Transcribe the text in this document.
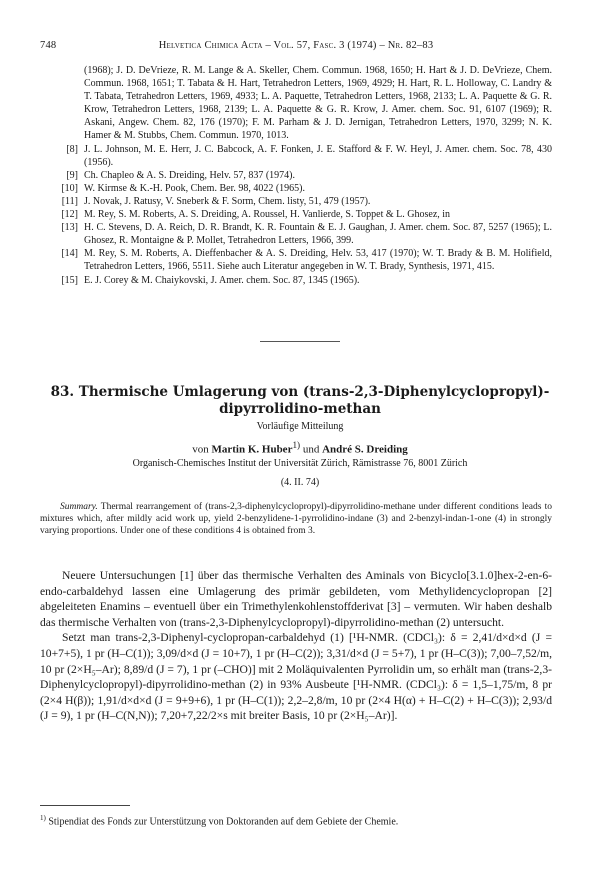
748	Helvetica Chimica Acta – Vol. 57, Fasc. 3 (1974) – Nr. 82–83
(1968); J. D. DeVrieze, R. M. Lange & A. Skeller, Chem. Commun. 1968, 1650; H. Hart & J. D. DeVrieze, Chem. Commun. 1968, 1651; T. Tabata & H. Hart, Tetrahedron Letters, 1969, 4929; H. Hart, R. L. Holloway, C. Landry & T. Tabata, Tetrahedron Letters, 1969, 4933; L. A. Paquette, Tetrahedron Letters, 1968, 2133; L. A. Paquette & G. R. Krow, Tetrahedron Letters, 1968, 2139; L. A. Paquette & G. R. Krow, J. Amer. chem. Soc. 91, 6107 (1969); R. Askani, Angew. Chem. 82, 176 (1970); F. M. Parham & J. D. Jernigan, Tetrahedron Letters, 1970, 3299; N. K. Hamer & M. Stubbs, Chem. Commun. 1970, 1013.
[8] J. L. Johnson, M. E. Herr, J. C. Babcock, A. F. Fonken, J. E. Stafford & F. W. Heyl, J. Amer. chem. Soc. 78, 430 (1956).
[9] Ch. Chapleo & A. S. Dreiding, Helv. 57, 837 (1974).
[10] W. Kirmse & K.-H. Pook, Chem. Ber. 98, 4022 (1965).
[11] J. Novak, J. Ratusy, V. Sneberk & F. Sorm, Chem. listy, 51, 479 (1957).
[12] M. Rey, S. M. Roberts, A. S. Dreiding, A. Roussel, H. Vanlierde, S. Toppet & L. Ghosez, in
[13] H. C. Stevens, D. A. Reich, D. R. Brandt, K. R. Fountain & E. J. Gaughan, J. Amer. chem. Soc. 87, 5257 (1965); L. Ghosez, R. Montaigne & P. Mollet, Tetrahedron Letters, 1966, 399.
[14] M. Rey, S. M. Roberts, A. Dieffenbacher & A. S. Dreiding, Helv. 53, 417 (1970); W. T. Brady & B. M. Holifield, Tetrahedron Letters, 1966, 5511. Siehe auch Literatur angegeben in W. T. Brady, Synthesis, 1971, 415.
[15] E. J. Corey & M. Chaiykovski, J. Amer. chem. Soc. 87, 1345 (1965).
83. Thermische Umlagerung von (trans-2,3-Diphenylcyclopropyl)-dipyrrolidino-methan
Vorläufige Mitteilung
von Martin K. Huber$^{1)}$ und André S. Dreiding
Organisch-Chemisches Institut der Universität Zürich, Rämistrasse 76, 8001 Zürich
(4. II. 74)
Summary. Thermal rearrangement of (trans-2,3-diphenylcyclopropyl)-dipyrrolidino-methane under different conditions leads to mixtures which, after mildly acid work up, yield 2-benzylidene-1-pyrrolidino-indane (3) and 2-benzyl-indan-1-one (4) in strongly varying proportions. Under one of these conditions 4 is obtained from 3.

Neuere Untersuchungen [1] über das thermische Verhalten des Aminals von Bicyclo[3.1.0]hex-2-en-6-endo-carbaldehyd lassen eine Umlagerung des primär gebildeten, vom Methylidencyclopropan [2] abgeleiteten Enamins – eventuell über ein Trimethylenkohlenstoffderivat [3] – vermuten. Wir haben deshalb das thermische Verhalten von (trans-2,3-Diphenylcyclopropyl)-dipyrrolidino-methan (2) untersucht.

Setzt man trans-2,3-Diphenyl-cyclopropan-carbaldehyd (1) [¹H-NMR. (CDCl₃): δ = 2,41/d×d×d (J = 10+7+5), 1 pr (H–C(1)); 3,09/d×d (J = 10+7), 1 pr (H–C(2)); 3,31/d×d (J = 5+7), 1 pr (H–C(3)); 7,00–7,52/m, 10 pr (2×H₅–Ar); 8,89/d (J = 7), 1 pr (–CHO)] mit 2 Moläquivalenten Pyrrolidin um, so erhält man (trans-2,3-Diphenylcyclopropyl)-dipyrrolidino-methan (2) in 93% Ausbeute [¹H-NMR. (CDCl₃): δ = 1,5–1,75/m, 8 pr (2×4 H(β)); 1,91/d×d×d (J = 9+9+6), 1 pr (H–C(1)); 2,2–2,8/m, 10 pr (2×4 H(α) + H–C(2) + H–C(3)); 2,93/d (J = 9), 1 pr (H–C(N,N)); 7,20+7,22/2×s mit breiter Basis, 10 pr (2×H₅–Ar)].

$^{1)}$ Stipendiat des Fonds zur Unterstützung von Doktoranden auf dem Gebiete der Chemie.
